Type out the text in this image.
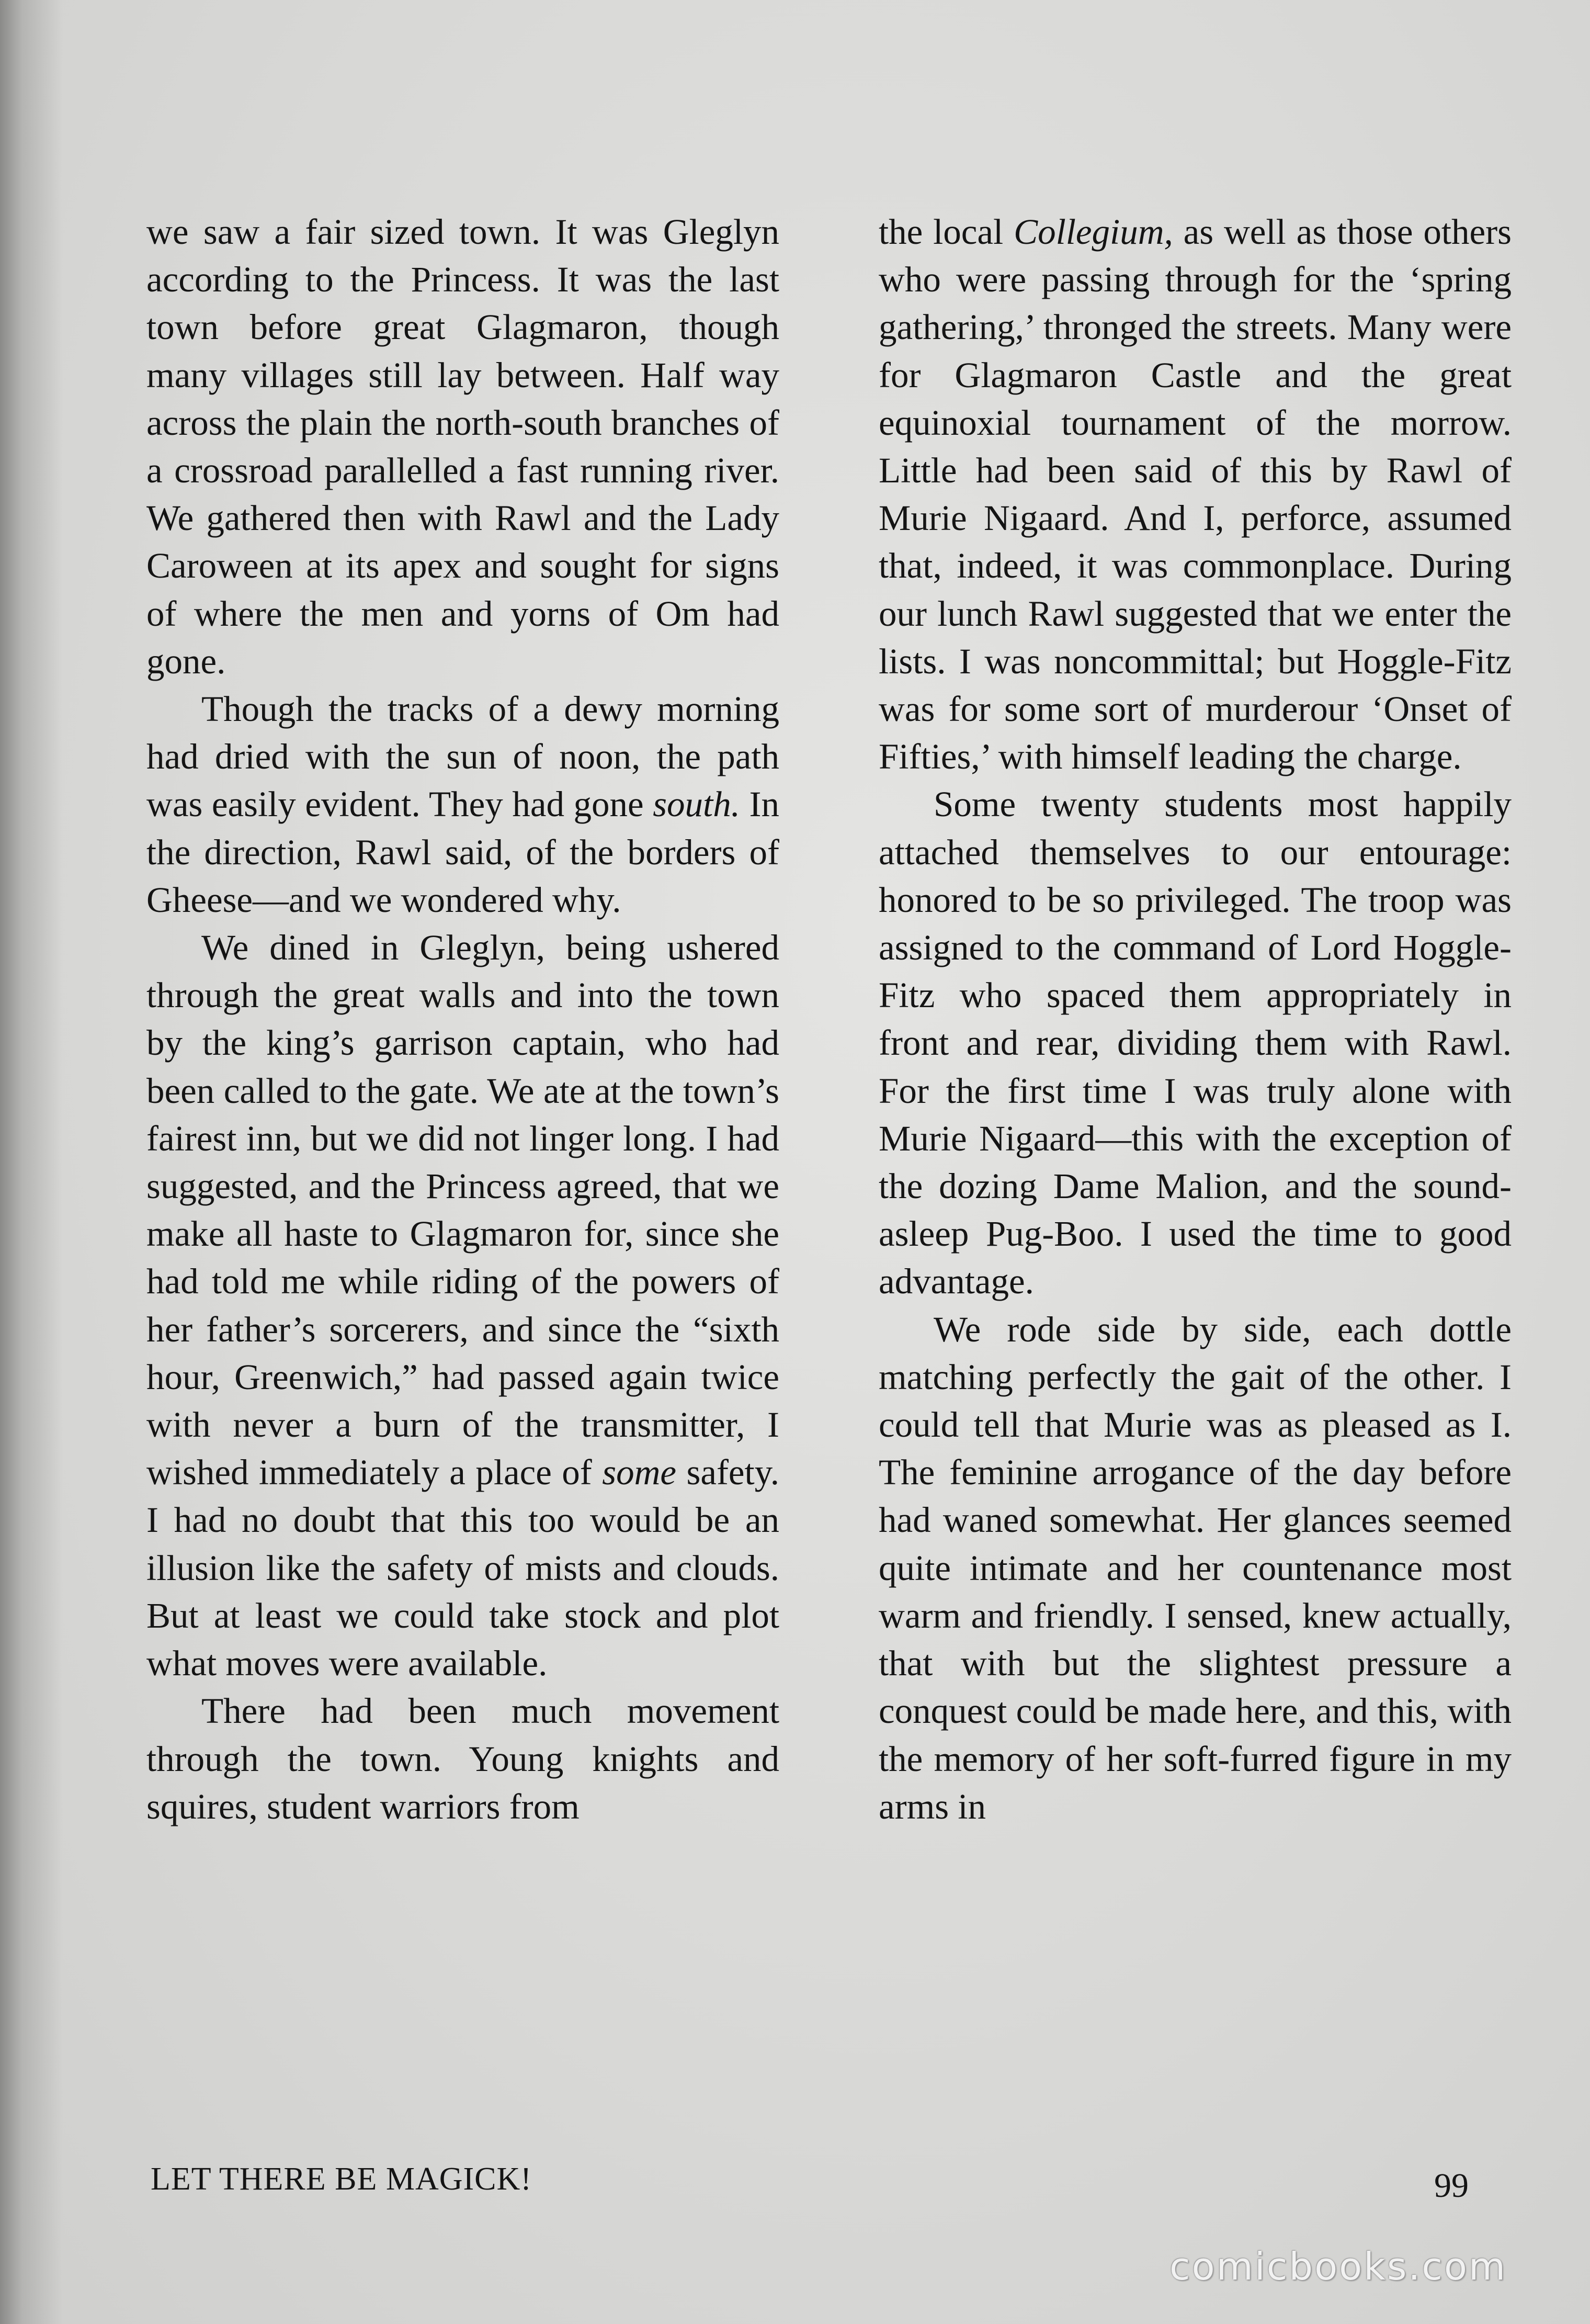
we saw a fair sized town. It was Gleglyn according to the Princess. It was the last town before great Glagmaron, though many villages still lay between. Half way across the plain the north-south branches of a crossroad parallelled a fast running river. We gathered then with Rawl and the Lady Caroween at its apex and sought for signs of where the men and yorns of Om had gone.

Though the tracks of a dewy morning had dried with the sun of noon, the path was easily evident. They had gone south. In the direction, Rawl said, of the borders of Gheese—and we wondered why.

We dined in Gleglyn, being ushered through the great walls and into the town by the king’s garrison captain, who had been called to the gate. We ate at the town’s fairest inn, but we did not linger long. I had suggested, and the Princess agreed, that we make all haste to Glagmaron for, since she had told me while riding of the powers of her father’s sorcerers, and since the “sixth hour, Greenwich,” had passed again twice with never a burn of the transmitter, I wished immediately a place of some safety. I had no doubt that this too would be an illusion like the safety of mists and clouds. But at least we could take stock and plot what moves were available.

There had been much movement through the town. Young knights and squires, student warriors from

the local Collegium, as well as those others who were passing through for the ‘spring gathering,’ thronged the streets. Many were for Glagmaron Castle and the great equinoxial tournament of the morrow. Little had been said of this by Rawl of Murie Nigaard. And I, perforce, assumed that, indeed, it was commonplace. During our lunch Rawl suggested that we enter the lists. I was noncommittal; but Hoggle-Fitz was for some sort of murderour ‘Onset of Fifties,’ with himself leading the charge.

Some twenty students most happily attached themselves to our entourage: honored to be so privileged. The troop was assigned to the command of Lord Hoggle-Fitz who spaced them appropriately in front and rear, dividing them with Rawl. For the first time I was truly alone with Murie Nigaard—this with the exception of the dozing Dame Malion, and the sound-asleep Pug-Boo. I used the time to good advantage.

We rode side by side, each dottle matching perfectly the gait of the other. I could tell that Murie was as pleased as I. The feminine arrogance of the day before had waned somewhat. Her glances seemed quite intimate and her countenance most warm and friendly. I sensed, knew actually, that with but the slightest pressure a conquest could be made here, and this, with the memory of her soft-furred figure in my arms in

LET THERE BE MAGICK!	99
comicbooks.com
